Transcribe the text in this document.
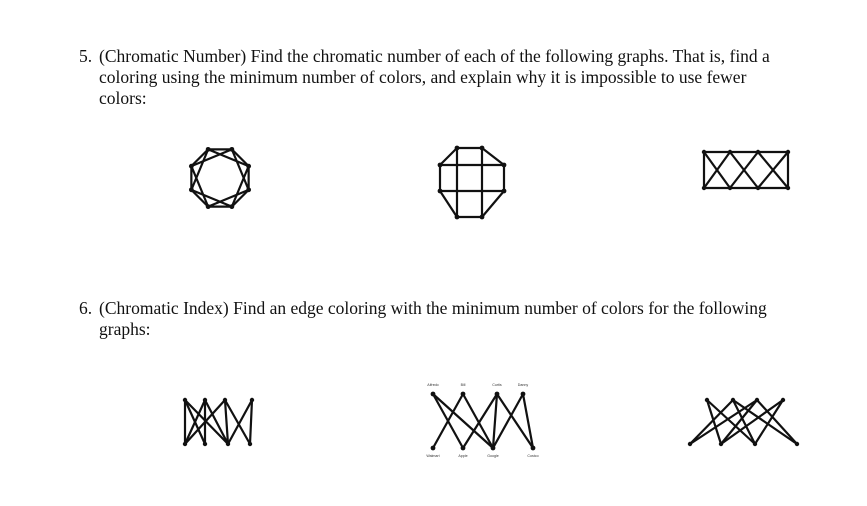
5. (Chromatic Number) Find the chromatic number of each of the following graphs. That is, find a coloring using the minimum number of colors, and explain why it is impossible to use fewer colors:
6. (Chromatic Index) Find an edge coloring with the minimum number of colors for the following graphs:
Alfredo	Bill	Curtis	Danny
Walmart	Apple	Google	Costco
